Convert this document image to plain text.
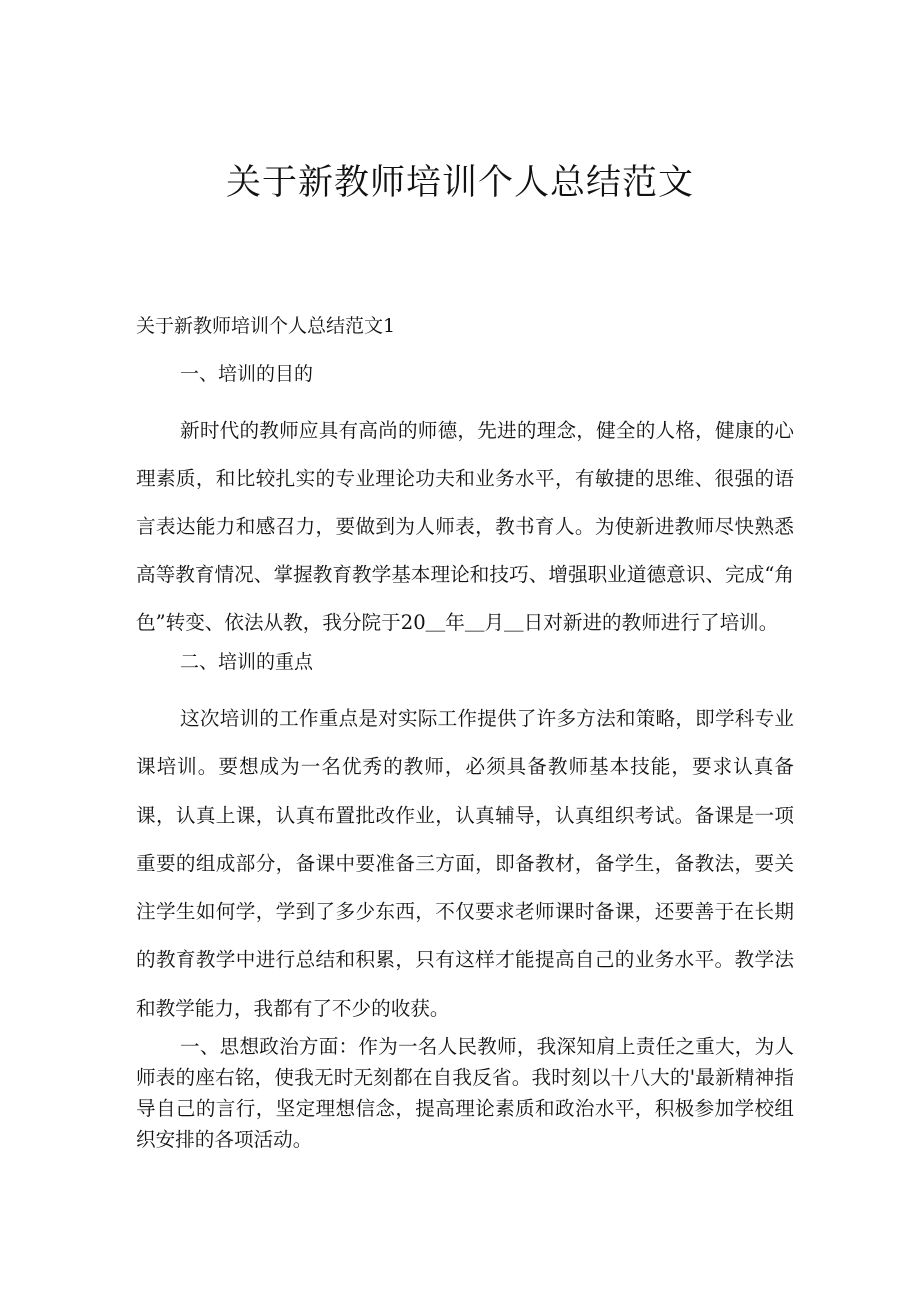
关于新教师培训个人总结范文
关于新教师培训个人总结范文1
一、培训的目的

新时代的教师应具有高尚的师德，先进的理念，健全的人格，健康的心理素质，和比较扎实的专业理论功夫和业务水平，有敏捷的思维、很强的语言表达能力和感召力，要做到为人师表，教书育人。为使新进教师尽快熟悉高等教育情况、掌握教育教学基本理论和技巧、增强职业道德意识、完成“角色”转变、依法从教，我分院于20＿年＿月＿日对新进的教师进行了培训。

二、培训的重点

这次培训的工作重点是对实际工作提供了许多方法和策略，即学科专业课培训。要想成为一名优秀的教师，必须具备教师基本技能，要求认真备课，认真上课，认真布置批改作业，认真辅导，认真组织考试。备课是一项重要的组成部分，备课中要准备三方面，即备教材，备学生，备教法，要关注学生如何学，学到了多少东西，不仅要求老师课时备课，还要善于在长期的教育教学中进行总结和积累，只有这样才能提高自己的业务水平。教学法和教学能力，我都有了不少的收获。

一、思想政治方面：作为一名人民教师，我深知肩上责任之重大，为人师表的座右铭，使我无时无刻都在自我反省。我时刻以十八大的'最新精神指导自己的言行，坚定理想信念，提高理论素质和政治水平，积极参加学校组织安排的各项活动。
